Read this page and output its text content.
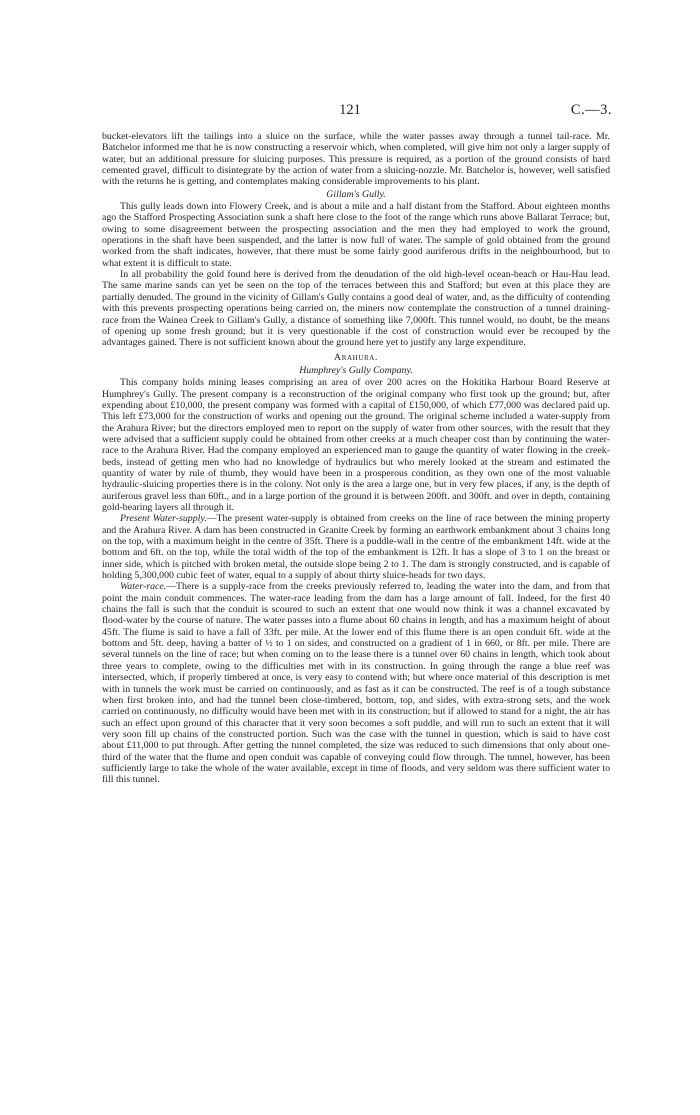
121	C.—3.

bucket-elevators lift the tailings into a sluice on the surface, while the water passes away through a tunnel tail-race. Mr. Batchelor informed me that he is now constructing a reservoir which, when completed, will give him not only a larger supply of water, but an additional pressure for sluicing purposes. This pressure is required, as a portion of the ground consists of hard cemented gravel, difficult to disintegrate by the action of water from a sluicing-nozzle. Mr. Batchelor is, however, well satisfied with the returns he is getting, and contemplates making considerable improvements to his plant.

Gillam's Gully.

This gully leads down into Flowery Creek, and is about a mile and a half distant from the Stafford. About eighteen months ago the Stafford Prospecting Association sunk a shaft here close to the foot of the range which runs above Ballarat Terrace; but, owing to some disagreement between the prospecting association and the men they had employed to work the ground, operations in the shaft have been suspended, and the latter is now full of water. The sample of gold obtained from the ground worked from the shaft indicates, however, that there must be some fairly good auriferous drifts in the neighbourhood, but to what extent it is difficult to state.

In all probability the gold found here is derived from the denudation of the old high-level ocean-beach or Hau-Hau lead. The same marine sands can yet be seen on the top of the terraces between this and Stafford; but even at this place they are partially denuded. The ground in the vicinity of Gillam's Gully contains a good deal of water, and, as the difficulty of contending with this prevents prospecting operations being carried on, the miners now contemplate the construction of a tunnel draining-race from the Wainea Creek to Gillam's Gully, a distance of something like 7,000ft. This tunnel would, no doubt, be the means of opening up some fresh ground; but it is very questionable if the cost of construction would ever be recouped by the advantages gained. There is not sufficient known about the ground here yet to justify any large expenditure.

Arahura.
Humphrey's Gully Company.

This company holds mining leases comprising an area of over 200 acres on the Hokitika Harbour Board Reserve at Humphrey's Gully. The present company is a reconstruction of the original company who first took up the ground; but, after expending about £10,000, the present company was formed with a capital of £150,000, of which £77,000 was declared paid up. This left £73,000 for the construction of works and opening out the ground. The original scheme included a water-supply from the Arahura River; but the directors employed men to report on the supply of water from other sources, with the result that they were advised that a sufficient supply could be obtained from other creeks at a much cheaper cost than by continuing the water-race to the Arahura River. Had the company employed an experienced man to gauge the quantity of water flowing in the creek-beds, instead of getting men who had no knowledge of hydraulics but who merely looked at the stream and estimated the quantity of water by rule of thumb, they would have been in a prosperous condition, as they own one of the most valuable hydraulic-sluicing properties there is in the colony. Not only is the area a large one, but in very few places, if any, is the depth of auriferous gravel less than 60ft., and in a large portion of the ground it is between 200ft. and 300ft. and over in depth, containing gold-bearing layers all through it.

Present Water-supply.—The present water-supply is obtained from creeks on the line of race between the mining property and the Arahura River. A dam has been constructed in Granite Creek by forming an earthwork embankment about 3 chains long on the top, with a maximum height in the centre of 35ft. There is a puddle-wall in the centre of the embankment 14ft. wide at the bottom and 6ft. on the top, while the total width of the top of the embankment is 12ft. It has a slope of 3 to 1 on the breast or inner side, which is pitched with broken metal, the outside slope being 2 to 1. The dam is strongly constructed, and is capable of holding 5,300,000 cubic feet of water, equal to a supply of about thirty sluice-heads for two days.

Water-race.—There is a supply-race from the creeks previously referred to, leading the water into the dam, and from that point the main conduit commences. The water-race leading from the dam has a large amount of fall. Indeed, for the first 40 chains the fall is such that the conduit is scoured to such an extent that one would now think it was a channel excavated by flood-water by the course of nature. The water passes into a flume about 60 chains in length, and has a maximum height of about 45ft. The flume is said to have a fall of 33ft. per mile. At the lower end of this flume there is an open conduit 6ft. wide at the bottom and 5ft. deep, having a batter of ½ to 1 on sides, and constructed on a gradient of 1 in 660, or 8ft. per mile. There are several tunnels on the line of race; but when coming on to the lease there is a tunnel over 60 chains in length, which took about three years to complete, owing to the difficulties met with in its construction. In going through the range a blue reef was intersected, which, if properly timbered at once, is very easy to contend with; but where once material of this description is met with in tunnels the work must be carried on continuously, and as fast as it can be constructed. The reef is of a tough substance when first broken into, and had the tunnel been close-timbered, bottom, top, and sides, with extra-strong sets, and the work carried on continuously, no difficulty would have been met with in its construction; but if allowed to stand for a night, the air has such an effect upon ground of this character that it very soon becomes a soft puddle, and will run to such an extent that it will very soon fill up chains of the constructed portion. Such was the case with the tunnel in question, which is said to have cost about £11,000 to put through. After getting the tunnel completed, the size was reduced to such dimensions that only about one-third of the water that the flume and open conduit was capable of conveying could flow through. The tunnel, however, has been sufficiently large to take the whole of the water available, except in time of floods, and very seldom was there sufficient water to fill this tunnel.
